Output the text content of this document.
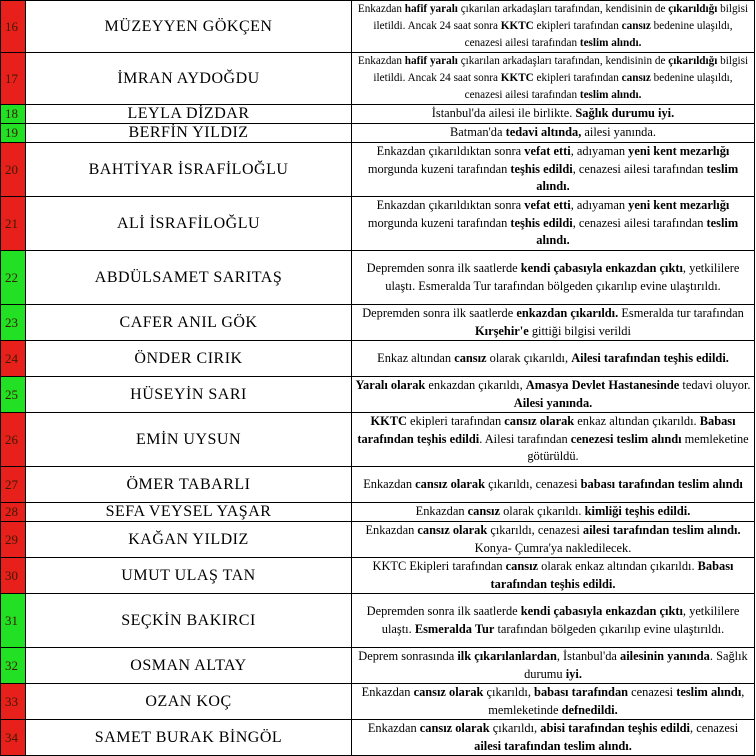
16	MÜZEYYEN GÖKÇEN	Enkazdan hafif yaralı çıkarılan arkadaşları tarafından, kendisinin de çıkarıldığı bilgisi iletildi. Ancak 24 saat sonra KKTC ekipleri tarafından cansız bedenine ulaşıldı, cenazesi ailesi tarafından teslim alındı.
17	İMRAN AYDOĞDU	Enkazdan hafif yaralı çıkarılan arkadaşları tarafından, kendisinin de çıkarıldığı bilgisi iletildi. Ancak 24 saat sonra KKTC ekipleri tarafından cansız bedenine ulaşıldı, cenazesi ailesi tarafından teslim alındı.
18	LEYLA DİZDAR	İstanbul'da ailesi ile birlikte. Sağlık durumu iyi.
19	BERFİN YILDIZ	Batman'da tedavi altında, ailesi yanında.
20	BAHTİYAR İSRAFİLOĞLU	Enkazdan çıkarıldıktan sonra vefat etti, adıyaman yeni kent mezarlığı morgunda kuzeni tarafından teşhis edildi, cenazesi ailesi tarafından teslim alındı.
21	ALİ İSRAFİLOĞLU	Enkazdan çıkarıldıktan sonra vefat etti, adıyaman yeni kent mezarlığı morgunda kuzeni tarafından teşhis edildi, cenazesi ailesi tarafından teslim alındı.
22	ABDÜLSAMET SARITAŞ	Depremden sonra ilk saatlerde kendi çabasıyla enkazdan çıktı, yetkililere ulaştı. Esmeralda Tur tarafından bölgeden çıkarılıp evine ulaştırıldı.
23	CAFER ANIL GÖK	Depremden sonra ilk saatlerde enkazdan çıkarıldı. Esmeralda tur tarafından Kırşehir'e gittiği bilgisi verildi
24	ÖNDER CIRIK	Enkaz altından cansız olarak çıkarıldı, Ailesi tarafından teşhis edildi.
25	HÜSEYİN SARI	Yaralı olarak enkazdan çıkarıldı, Amasya Devlet Hastanesinde tedavi oluyor. Ailesi yanında.
26	EMİN UYSUN	KKTC ekipleri tarafından cansız olarak enkaz altından çıkarıldı. Babası tarafından teşhis edildi. Ailesi tarafından cenezesi teslim alındı memleketine götürüldü.
27	ÖMER TABARLI	Enkazdan cansız olarak çıkarıldı, cenazesi babası tarafından teslim alındı
28	SEFA VEYSEL YAŞAR	Enkazdan cansız olarak çıkarıldı. kimliği teşhis edildi.
29	KAĞAN YILDIZ	Enkazdan cansız olarak çıkarıldı, cenazesi ailesi tarafından teslim alındı. Konya- Çumra'ya nakledilecek.
30	UMUT ULAŞ TAN	KKTC Ekipleri tarafından cansız olarak enkaz altından çıkarıldı. Babası tarafından teşhis edildi.
31	SEÇKİN BAKIRCI	Depremden sonra ilk saatlerde kendi çabasıyla enkazdan çıktı, yetkililere ulaştı. Esmeralda Tur tarafından bölgeden çıkarılıp evine ulaştırıldı.
32	OSMAN ALTAY	Deprem sonrasında ilk çıkarılanlardan, İstanbul'da ailesinin yanında. Sağlık durumu iyi.
33	OZAN KOÇ	Enkazdan cansız olarak çıkarıldı, babası tarafından cenazesi teslim alındı, memleketinde defnedildi.
34	SAMET BURAK BİNGÖL	Enkazdan cansız olarak çıkarıldı, abisi tarafından teşhis edildi, cenazesi ailesi tarafından teslim alındı.
